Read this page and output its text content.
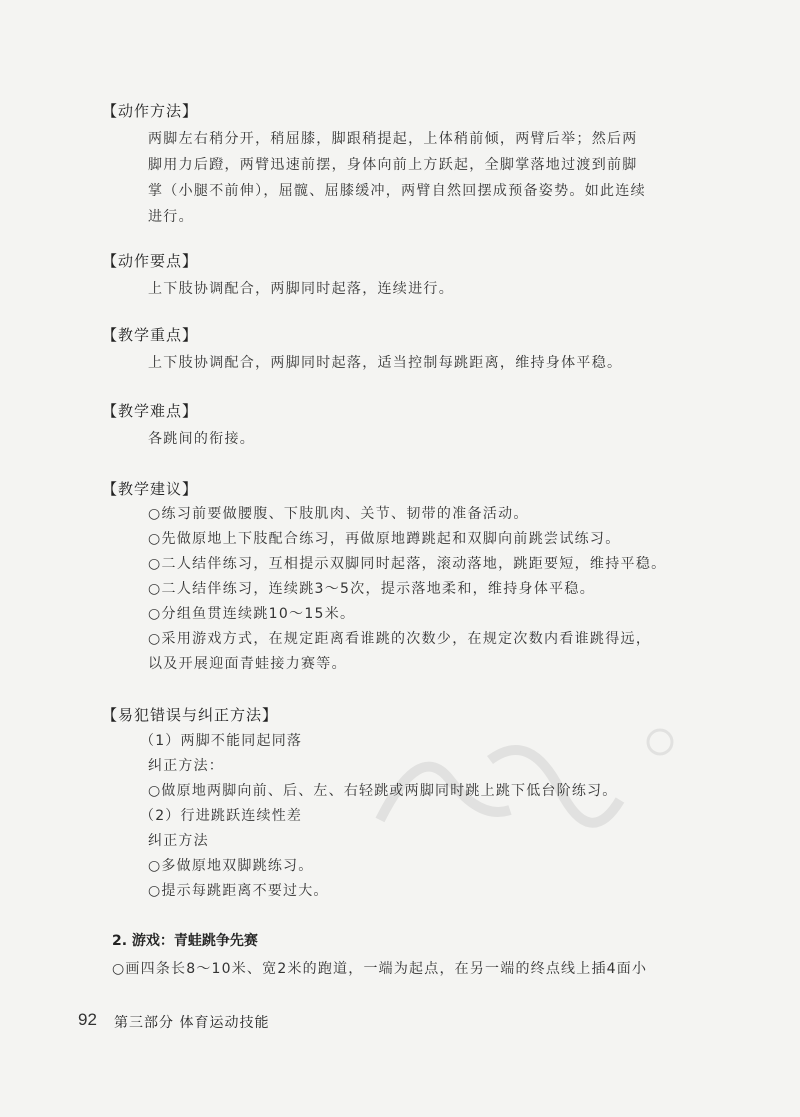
【动作方法】
两脚左右稍分开，稍屈膝，脚跟稍提起，上体稍前倾，两臂后举；然后两
脚用力后蹬，两臂迅速前摆，身体向前上方跃起，全脚掌落地过渡到前脚
掌（小腿不前伸），屈髋、屈膝缓冲，两臂自然回摆成预备姿势。如此连续
进行。
【动作要点】
上下肢协调配合，两脚同时起落，连续进行。
【教学重点】
上下肢协调配合，两脚同时起落，适当控制每跳距离，维持身体平稳。
【教学难点】
各跳间的衔接。
【教学建议】
○练习前要做腰腹、下肢肌肉、关节、韧带的准备活动。
○先做原地上下肢配合练习，再做原地蹲跳起和双脚向前跳尝试练习。
○二人结伴练习，互相提示双脚同时起落，滚动落地，跳距要短，维持平稳。
○二人结伴练习，连续跳3～5次，提示落地柔和，维持身体平稳。
○分组鱼贯连续跳10～15米。
○采用游戏方式，在规定距离看谁跳的次数少，在规定次数内看谁跳得远，
以及开展迎面青蛙接力赛等。
【易犯错误与纠正方法】
（1）两脚不能同起同落
纠正方法：
○做原地两脚向前、后、左、右轻跳或两脚同时跳上跳下低台阶练习。
（2）行进跳跃连续性差
纠正方法
○多做原地双脚跳练习。
○提示每跳距离不要过大。
2. 游戏：青蛙跳争先赛
○画四条长8～10米、宽2米的跑道，一端为起点，在另一端的终点线上插4面小
92 第三部分 体育运动技能
